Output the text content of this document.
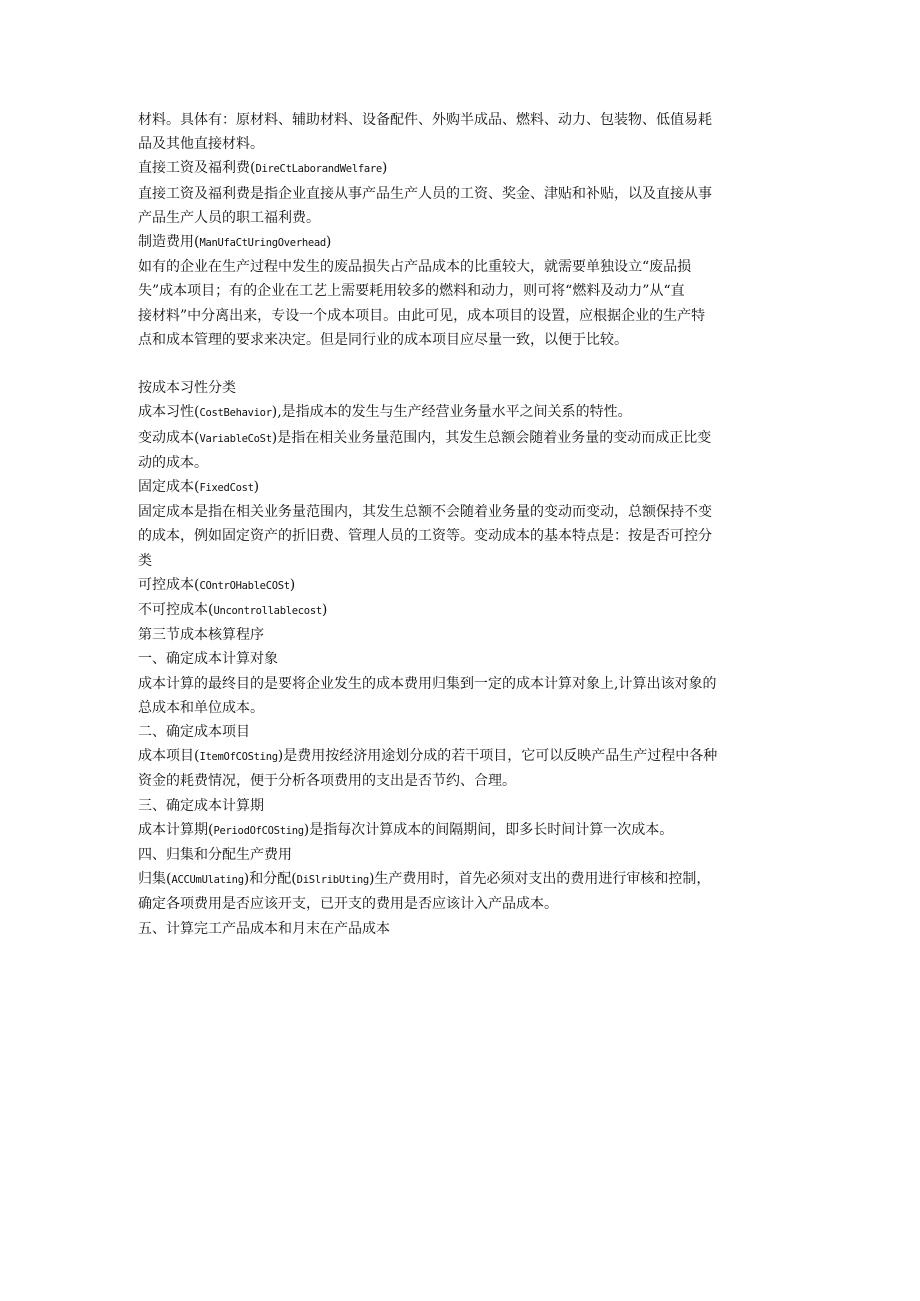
材料。具体有：原材料、辅助材料、设备配件、外购半成品、燃料、动力、包装物、低值易耗
品及其他直接材料。
直接工资及福利费(DireCtLaborandWelfare)
直接工资及福利费是指企业直接从事产品生产人员的工资、奖金、津贴和补贴，以及直接从事
产品生产人员的职工福利费。
制造费用(ManUfaCtUringOverhead)
如有的企业在生产过程中发生的废品损失占产品成本的比重较大，就需要单独设立“废品损
失”成本项目；有的企业在工艺上需要耗用较多的燃料和动力，则可将“燃料及动力”从“直
接材料”中分离出来，专设一个成本项目。由此可见，成本项目的设置，应根据企业的生产特
点和成本管理的要求来决定。但是同行业的成本项目应尽量一致，以便于比较。
按成本习性分类
成本习性(CostBehavior),是指成本的发生与生产经营业务量水平之间关系的特性。
变动成本(VariableCoSt)是指在相关业务量范围内，其发生总额会随着业务量的变动而成正比变
动的成本。
固定成本(FixedCost)
固定成本是指在相关业务量范围内，其发生总额不会随着业务量的变动而变动，总额保持不变
的成本，例如固定资产的折旧费、管理人员的工资等。变动成本的基本特点是：按是否可控分
类
可控成本(COntrOHableCOSt)
不可控成本(Uncontrollablecost)
第三节成本核算程序
一、确定成本计算对象
成本计算的最终目的是要将企业发生的成本费用归集到一定的成本计算对象上,计算出该对象的
总成本和单位成本。
二、确定成本项目
成本项目(ItemOfCOSting)是费用按经济用途划分成的若干项目，它可以反映产品生产过程中各种
资金的耗费情况，便于分析各项费用的支出是否节约、合理。
三、确定成本计算期
成本计算期(PeriodOfCOSting)是指每次计算成本的间隔期间，即多长时间计算一次成本。
四、归集和分配生产费用
归集(ACCUmUlating)和分配(DiSlribUting)生产费用时，首先必须对支出的费用进行审核和控制，
确定各项费用是否应该开支，已开支的费用是否应该计入产品成本。
五、计算完工产品成本和月末在产品成本
